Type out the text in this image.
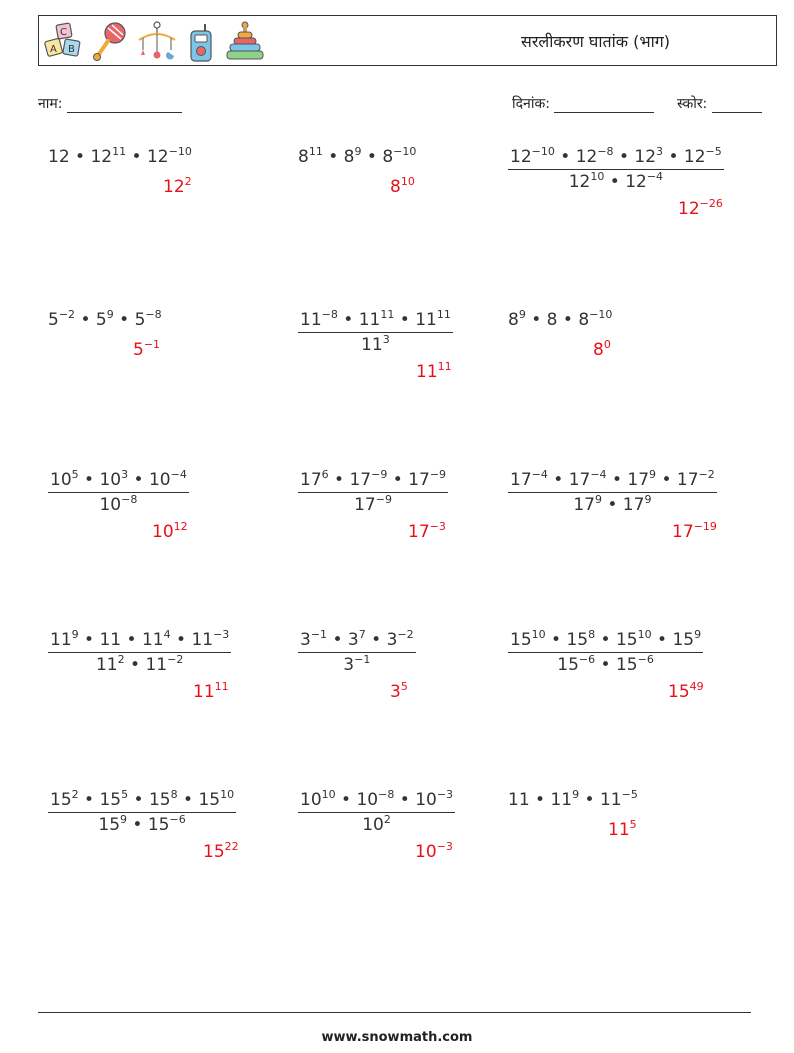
C
A B	सरलीकरण घातांक (भाग)
नाम:	दिनांक:	स्कोर:
12 • $12^{11}$ • $12^{-10}$
$12^2$
$8^{11}$ • $8^9$ • $8^{-10}$
$8^{10}$	$\frac{12^{-10} • 12^{-8} • 12^3 • 12^{-5}}{12^{10} • 12^{-4}}$
$12^{-26}$
$5^{-2}$ • $5^9$ • $5^{-8}$
$5^{-1}$	$\frac{11^{-8} • 11^{11} • 11^{11}}{11^3}$
$11^{11}$
$8^9$ • 8 • $8^{-10}$
$8^0$
$\frac{10^5 • 10^3 • 10^{-4}}{10^{-8}}$
$10^{12}$
$\frac{17^6 • 17^{-9} • 17^{-9}}{17^{-9}}$
$17^{-3}$
$\frac{17^{-4} • 17^{-4} • 17^9 • 17^{-2}}{17^9 • 17^9}$
$17^{-19}$
$\frac{11^9 • 11 • 11^4 • 11^{-3}}{11^2 • 11^{-2}}$
$11^{11}$
$\frac{3^{-1} • 3^7 • 3^{-2}}{3^{-1}}$
$3^5$
$\frac{15^{10} • 15^8 • 15^{10} • 15^9}{15^{-6} • 15^{-6}}$
$15^{49}$
$\frac{15^2 • 15^5 • 15^8 • 15^{10}}{15^9 • 15^{-6}}$
$15^{22}$
$\frac{10^{10} • 10^{-8} • 10^{-3}}{10^2}$
$10^{-3}$
11 • $11^9$ • $11^{-5}$
$11^5$
www.snowmath.com
